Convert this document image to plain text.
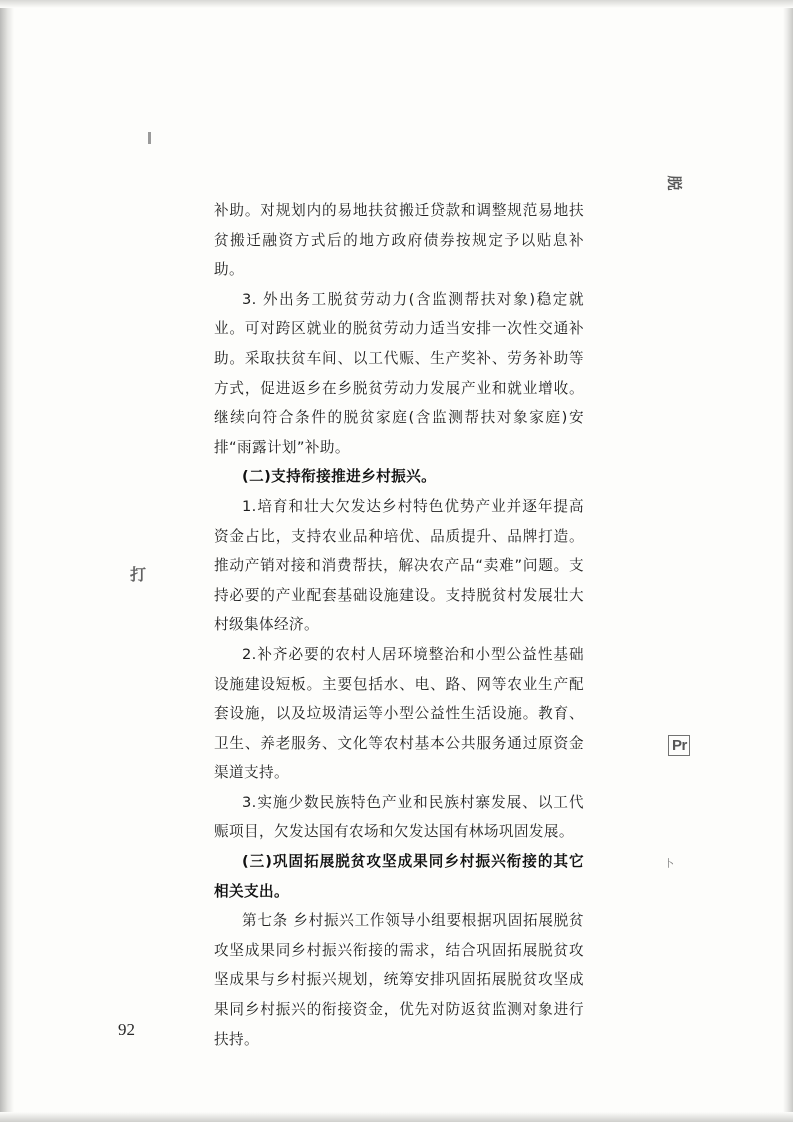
脱
打
Pr
卜

补助。对规划内的易地扶贫搬迁贷款和调整规范易地扶贫搬迁融资方式后的地方政府债券按规定予以贴息补助。

3. 外出务工脱贫劳动力(含监测帮扶对象)稳定就业。可对跨区就业的脱贫劳动力适当安排一次性交通补助。采取扶贫车间、以工代赈、生产奖补、劳务补助等方式，促进返乡在乡脱贫劳动力发展产业和就业增收。继续向符合条件的脱贫家庭(含监测帮扶对象家庭)安排“雨露计划”补助。

(二)支持衔接推进乡村振兴。

1.培育和壮大欠发达乡村特色优势产业并逐年提高资金占比，支持农业品种培优、品质提升、品牌打造。推动产销对接和消费帮扶，解决农产品“卖难”问题。支持必要的产业配套基础设施建设。支持脱贫村发展壮大村级集体经济。

2.补齐必要的农村人居环境整治和小型公益性基础设施建设短板。主要包括水、电、路、网等农业生产配套设施，以及垃圾清运等小型公益性生活设施。教育、卫生、养老服务、文化等农村基本公共服务通过原资金渠道支持。

3.实施少数民族特色产业和民族村寨发展、以工代赈项目，欠发达国有农场和欠发达国有林场巩固发展。

(三)巩固拓展脱贫攻坚成果同乡村振兴衔接的其它相关支出。

第七条 乡村振兴工作领导小组要根据巩固拓展脱贫攻坚成果同乡村振兴衔接的需求，结合巩固拓展脱贫攻坚成果与乡村振兴规划，统筹安排巩固拓展脱贫攻坚成果同乡村振兴的衔接资金，优先对防返贫监测对象进行扶持。

92
